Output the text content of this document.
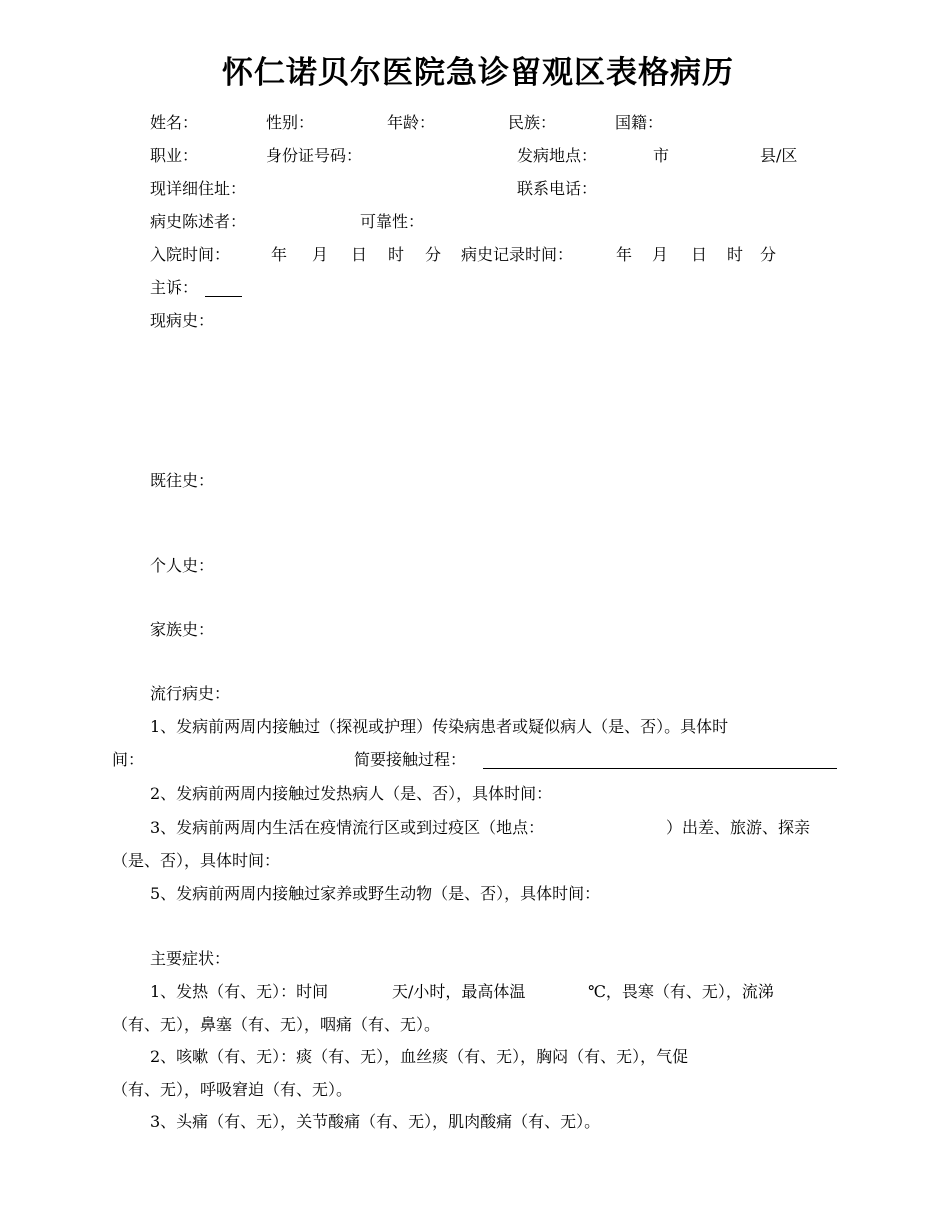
怀仁诺贝尔医院急诊留观区表格病历
姓名：	性别：	年龄：	民族：	国籍：
职业：	身份证号码：	发病地点：	市	县/区
现详细住址：	联系电话：
病史陈述者：	可靠性：
入院时间：	年 月 日 时 分 病史记录时间：	年 月 日 时 分
主诉：
现病史：
既往史：
个人史：
家族史：
流行病史：
1、发病前两周内接触过（探视或护理）传染病患者或疑似病人（是、否）。具体时
间：	简要接触过程：
2、发病前两周内接触过发热病人（是、否），具体时间：
3、发病前两周内生活在疫情流行区或到过疫区（地点：	）出差、旅游、探亲
（是、否），具体时间：
5、发病前两周内接触过家养或野生动物（是、否），具体时间：
主要症状：
1、发热（有、无）：时间	天/小时，最高体温	℃，畏寒（有、无），流涕
（有、无），鼻塞（有、无），咽痛（有、无）。
2、咳嗽（有、无）：痰（有、无），血丝痰（有、无），胸闷（有、无），气促
（有、无），呼吸窘迫（有、无）。
3、头痛（有、无），关节酸痛（有、无），肌肉酸痛（有、无）。
